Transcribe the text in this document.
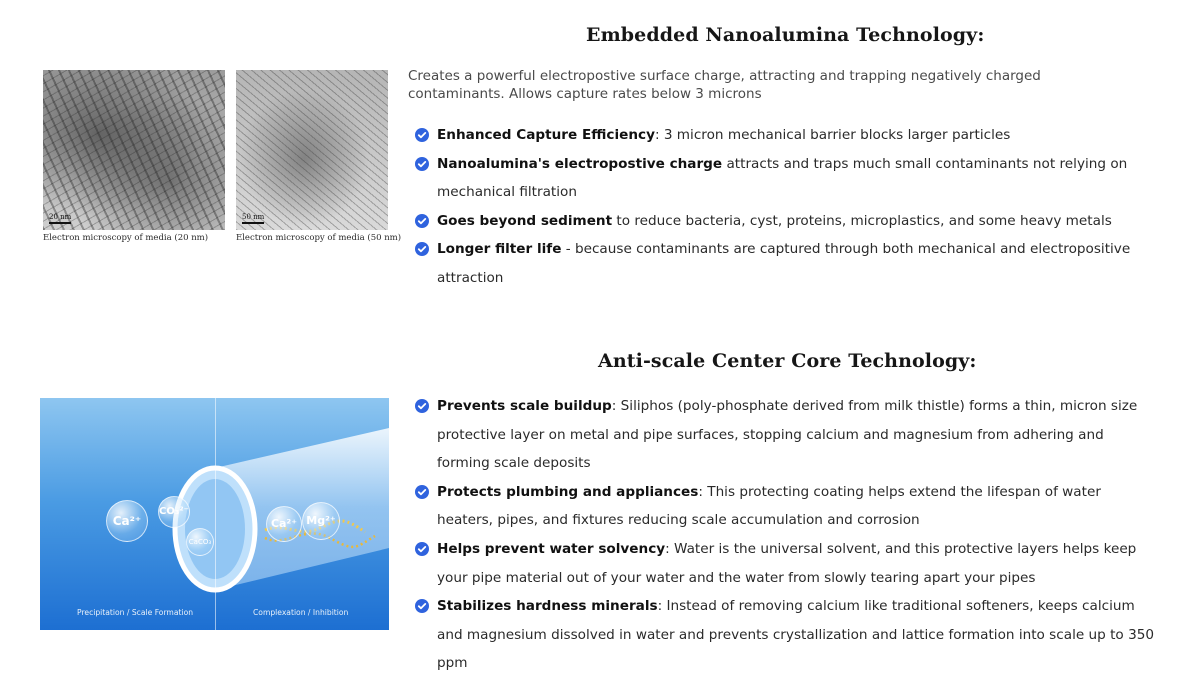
Embedded Nanoalumina Technology:
20 nm
Electron microscopy of media (20 nm)
50 nm
Electron microscopy of media (50 nm)
Creates a powerful electropostive surface charge, attracting and trapping negatively charged contaminants. Allows capture rates below 3 microns
Enhanced Capture Efficiency: 3 micron mechanical barrier blocks larger particles
Nanoalumina's electropostive charge attracts and traps much small contaminants not relying on mechanical filtration
Goes beyond sediment to reduce bacteria, cyst, proteins, microplastics, and some heavy metals
Longer filter life - because contaminants are captured through both mechanical and electropositive attraction
Anti-scale Center Core Technology:
Ca²⁺
CO₃²⁻
CaCO₃
Ca²⁺ Mg²⁺
Precipitation / Scale Formation	Complexation / Inhibition
Prevents scale buildup: Siliphos (poly-phosphate derived from milk thistle) forms a thin, micron size protective layer on metal and pipe surfaces, stopping calcium and magnesium from adhering and forming scale deposits
Protects plumbing and appliances: This protecting coating helps extend the lifespan of water heaters, pipes, and fixtures reducing scale accumulation and corrosion
Helps prevent water solvency: Water is the universal solvent, and this protective layers helps keep your pipe material out of your water and the water from slowly tearing apart your pipes
Stabilizes hardness minerals: Instead of removing calcium like traditional softeners, keeps calcium and magnesium dissolved in water and prevents crystallization and lattice formation into scale up to 350 ppm
